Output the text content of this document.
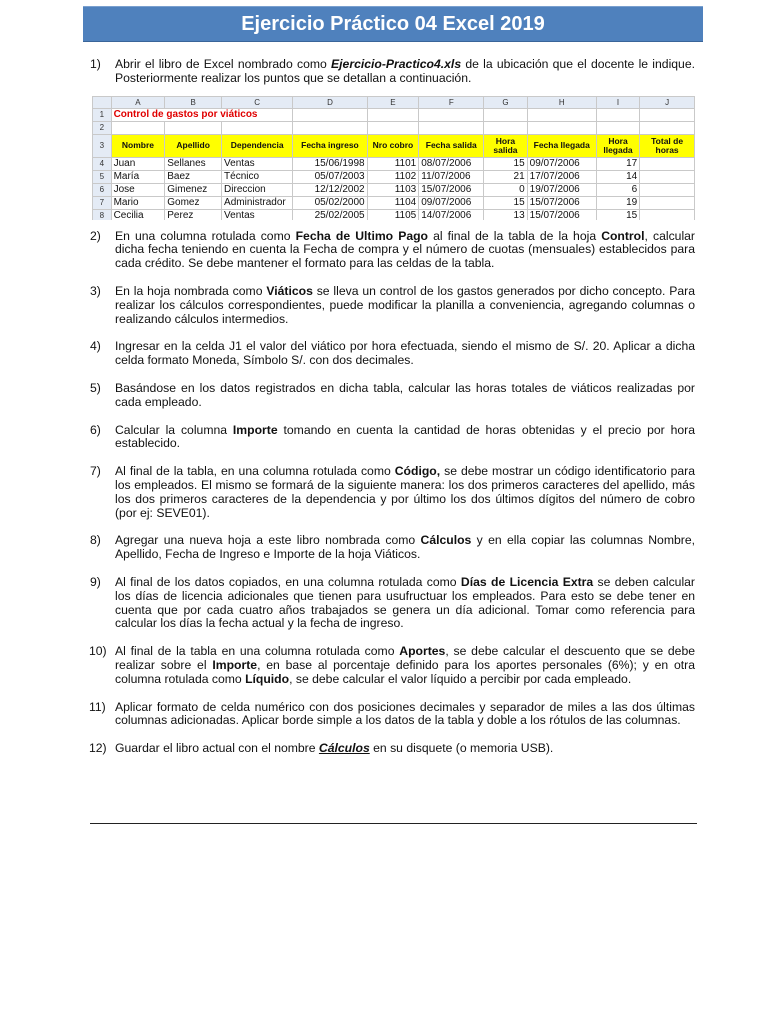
Ejercicio Práctico 04 Excel 2019
1) Abrir el libro de Excel nombrado como Ejercicio-Practico4.xls de la ubicación que el docente le indique. Posteriormente realizar los puntos que se detallan a continuación.
	A	B	C	D	E	F	G	H	I	J
1	Control de gastos por viáticos									
2										
3	Nombre	Apellido	Dependencia	Fecha ingreso	Nro cobro	Fecha salida	Hora salida	Fecha llegada	Hora llegada	Total de horas
4	Juan	Sellanes	Ventas	15/06/1998	1101	08/07/2006	15	09/07/2006	17	
5	María	Baez	Técnico	05/07/2003	1102	11/07/2006	21	17/07/2006	14	
6	Jose	Gimenez	Direccion	12/12/2002	1103	15/07/2006	0	19/07/2006	6	
7	Mario	Gomez	Administrador	05/02/2000	1104	09/07/2006	15	15/07/2006	19	
8	Cecilia	Perez	Ventas	25/02/2005	1105	14/07/2006	13	15/07/2006	15	

2) En una columna rotulada como Fecha de Ultimo Pago al final de la tabla de la hoja Control, calcular dicha fecha teniendo en cuenta la Fecha de compra y el número de cuotas (mensuales) establecidos para cada crédito. Se debe mantener el formato para las celdas de la tabla.
3) En la hoja nombrada como Viáticos se lleva un control de los gastos generados por dicho concepto. Para realizar los cálculos correspondientes, puede modificar la planilla a conveniencia, agregando columnas o realizando cálculos intermedios.
4) Ingresar en la celda J1 el valor del viático por hora efectuada, siendo el mismo de S/. 20. Aplicar a dicha celda formato Moneda, Símbolo S/. con dos decimales.
5) Basándose en los datos registrados en dicha tabla, calcular las horas totales de viáticos realizadas por cada empleado.
6) Calcular la columna Importe tomando en cuenta la cantidad de horas obtenidas y el precio por hora establecido.
7) Al final de la tabla, en una columna rotulada como Código, se debe mostrar un código identificatorio para los empleados. El mismo se formará de la siguiente manera: los dos primeros caracteres del apellido, más los dos primeros caracteres de la dependencia y por último los dos últimos dígitos del número de cobro (por ej: SEVE01).
8) Agregar una nueva hoja a este libro nombrada como Cálculos y en ella copiar las columnas Nombre, Apellido, Fecha de Ingreso e Importe de la hoja Viáticos.
9) Al final de los datos copiados, en una columna rotulada como Días de Licencia Extra se deben calcular los días de licencia adicionales que tienen para usufructuar los empleados. Para esto se debe tener en cuenta que por cada cuatro años trabajados se genera un día adicional. Tomar como referencia para calcular los días la fecha actual y la fecha de ingreso.
10) Al final de la tabla en una columna rotulada como Aportes, se debe calcular el descuento que se debe realizar sobre el Importe, en base al porcentaje definido para los aportes personales (6%); y en otra columna rotulada como Líquido, se debe calcular el valor líquido a percibir por cada empleado.
11) Aplicar formato de celda numérico con dos posiciones decimales y separador de miles a las dos últimas columnas adicionadas. Aplicar borde simple a los datos de la tabla y doble a los rótulos de las columnas.
12) Guardar el libro actual con el nombre Cálculos en su disquete (o memoria USB).
